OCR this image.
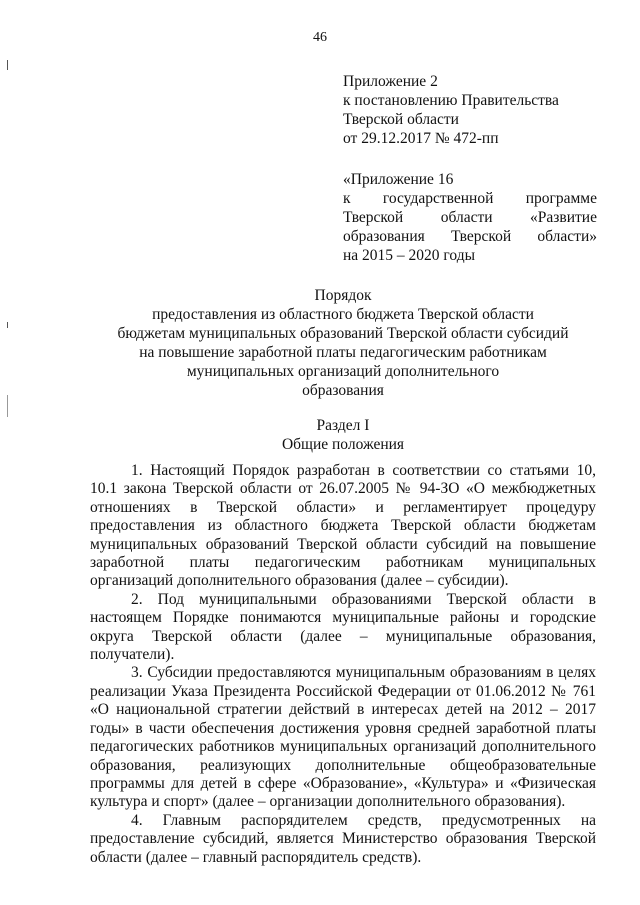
46
Приложение 2
к постановлению Правительства
Тверской области
от 29.12.2017 № 472-пп
«Приложение 16
к государственной программе
Тверской области «Развитие
образования Тверской области»
на 2015 – 2020 годы
Порядок
предоставления из областного бюджета Тверской области
бюджетам муниципальных образований Тверской области субсидий
на повышение заработной платы педагогическим работникам
муниципальных организаций дополнительного
образования
Раздел I
Общие положения

1. Настоящий Порядок разработан в соответствии со статьями 10, 10.1 закона Тверской области от 26.07.2005 № 94-ЗО «О межбюджетных отношениях в Тверской области» и регламентирует процедуру предоставления из областного бюджета Тверской области бюджетам муниципальных образований Тверской области субсидий на повышение заработной платы педагогическим работникам муниципальных организаций дополнительного образования (далее – субсидии).

2. Под муниципальными образованиями Тверской области в настоящем Порядке понимаются муниципальные районы и городские округа Тверской области (далее – муниципальные образования, получатели).

3. Субсидии предоставляются муниципальным образованиям в целях реализации Указа Президента Российской Федерации от 01.06.2012 № 761 «О национальной стратегии действий в интересах детей на 2012 – 2017 годы» в части обеспечения достижения уровня средней заработной платы педагогических работников муниципальных организаций дополнительного образования, реализующих дополнительные общеобразовательные программы для детей в сфере «Образование», «Культура» и «Физическая культура и спорт» (далее – организации дополнительного образования).

4. Главным распорядителем средств, предусмотренных на предоставление субсидий, является Министерство образования Тверской области (далее – главный распорядитель средств).
